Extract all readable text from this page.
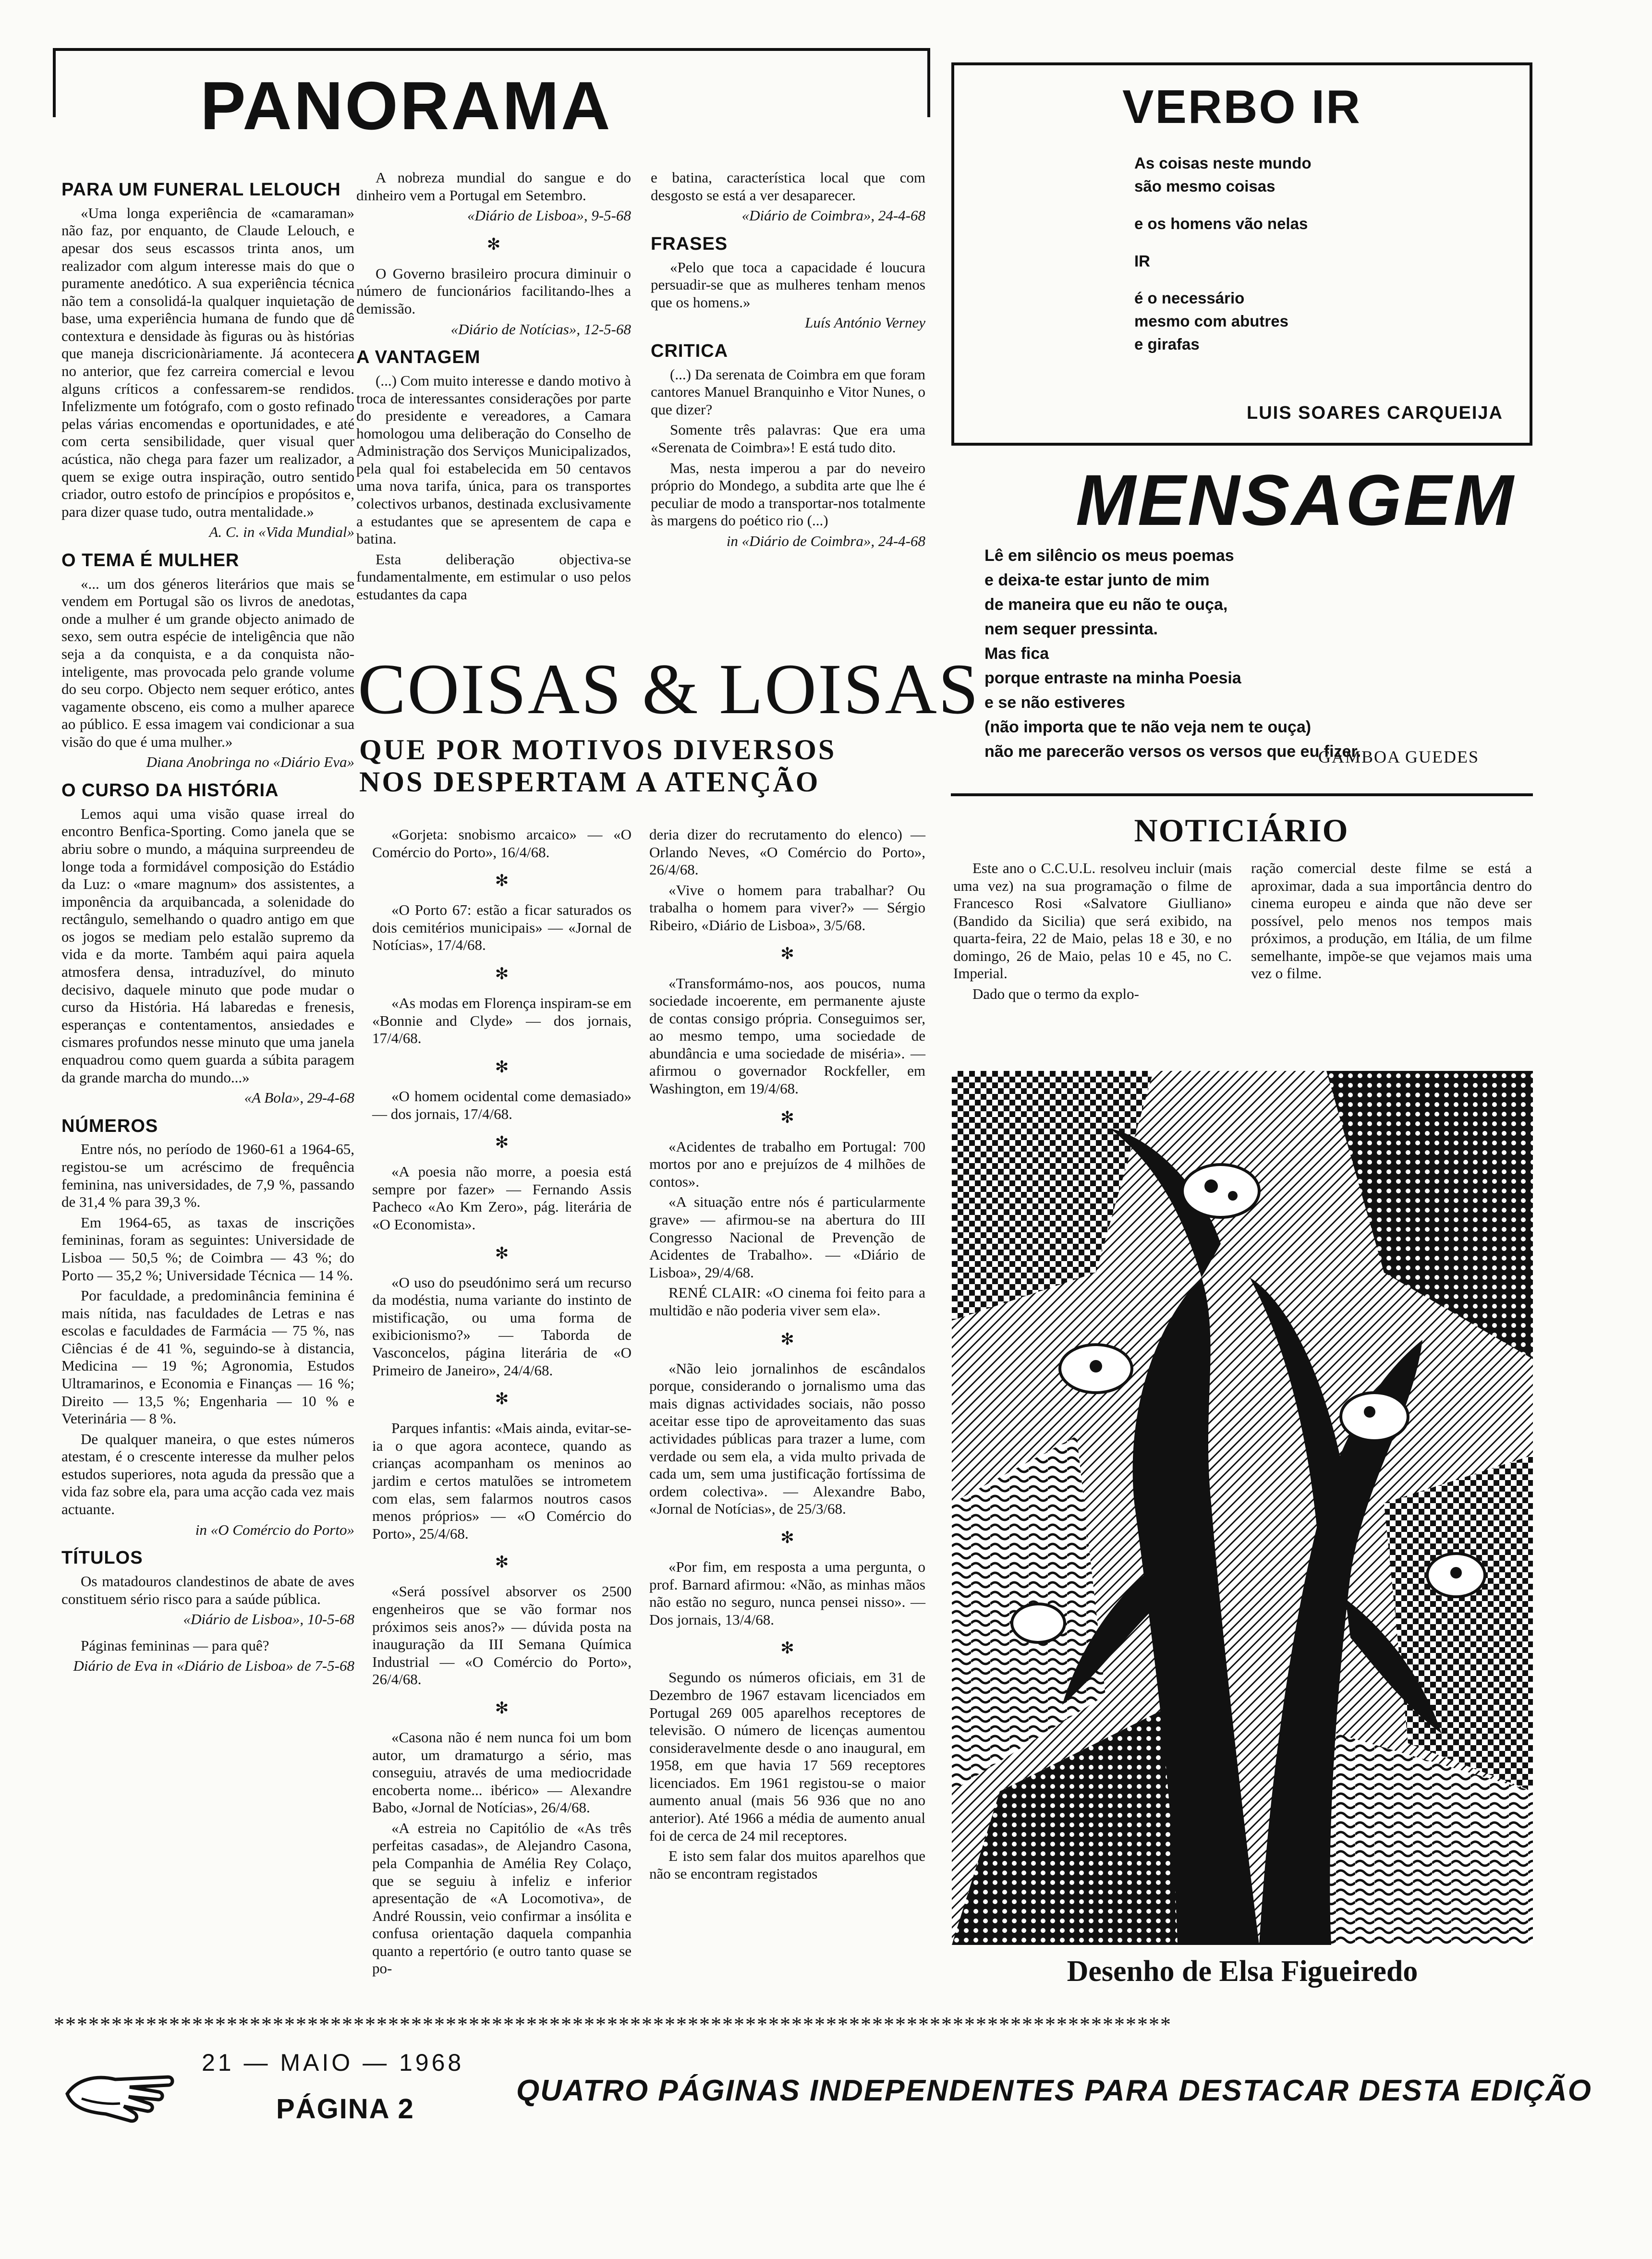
PANORAMA
PARA UM FUNERAL LELOUCH

«Uma longa experiência de «camaraman» não faz, por enquanto, de Claude Lelouch, e apesar dos seus escassos trinta anos, um realizador com algum interesse mais do que o puramente anedótico. A sua experiência técnica não tem a consolidá-la qualquer inquietação de base, uma experiência humana de fundo que dê contextura e densidade às figuras ou às histórias que maneja discricionàriamente. Já acontecera no anterior, que fez carreira comercial e levou alguns críticos a confessarem-se rendidos. Infelizmente um fotógrafo, com o gosto refinado pelas várias encomendas e oportunidades, e até com certa sensibilidade, quer visual quer acústica, não chega para fazer um realizador, a quem se exige outra inspiração, outro sentido criador, outro estofo de princípios e propósitos e, para dizer quase tudo, outra mentalidade.»

A. C. in «Vida Mundial»

O TEMA É MULHER

«... um dos géneros literários que mais se vendem em Portugal são os livros de anedotas, onde a mulher é um grande objecto animado de sexo, sem outra espécie de inteligência que não seja a da conquista, e a da conquista não-inteligente, mas provocada pelo grande volume do seu corpo. Objecto nem sequer erótico, antes vagamente obsceno, eis como a mulher aparece ao público. E essa imagem vai condicionar a sua visão do que é uma mulher.»

Diana Anobringa no «Diário Eva»

O CURSO DA HISTÓRIA

Lemos aqui uma visão quase irreal do encontro Benfica-Sporting. Como janela que se abriu sobre o mundo, a máquina surpreendeu de longe toda a formidável composição do Estádio da Luz: o «mare magnum» dos assistentes, a imponência da arquibancada, a solenidade do rectângulo, semelhando o quadro antigo em que os jogos se mediam pelo estalão supremo da vida e da morte. Também aqui paira aquela atmosfera densa, intraduzível, do minuto decisivo, daquele minuto que pode mudar o curso da História. Há labaredas e frenesis, esperanças e contentamentos, ansiedades e cismares profundos nesse minuto que uma janela enquadrou como quem guarda a súbita paragem da grande marcha do mundo...»

«A Bola», 29-4-68

NÚMEROS

Entre nós, no período de 1960-61 a 1964-65, registou-se um acréscimo de frequência feminina, nas universidades, de 7,9 %, passando de 31,4 % para 39,3 %.

Em 1964-65, as taxas de inscrições femininas, foram as seguintes: Universidade de Lisboa — 50,5 %; de Coimbra — 43 %; do Porto — 35,2 %; Universidade Técnica — 14 %.

Por faculdade, a predominância feminina é mais nítida, nas faculdades de Letras e nas escolas e faculdades de Farmácia — 75 %, nas Ciências é de 41 %, seguindo-se à distancia, Medicina — 19 %; Agronomia, Estudos Ultramarinos, e Economia e Finanças — 16 %; Direito — 13,5 %; Engenharia — 10 % e Veterinária — 8 %.

De qualquer maneira, o que estes números atestam, é o crescente interesse da mulher pelos estudos superiores, nota aguda da pressão que a vida faz sobre ela, para uma acção cada vez mais actuante.

in «O Comércio do Porto»

TÍTULOS

Os matadouros clandestinos de abate de aves constituem sério risco para a saúde pública.

«Diário de Lisboa», 10-5-68

Páginas femininas — para quê?

Diário de Eva in «Diário de Lisboa» de 7-5-68

A nobreza mundial do sangue e do dinheiro vem a Portugal em Setembro.

«Diário de Lisboa», 9-5-68

✻

O Governo brasileiro procura diminuir o número de funcionários facilitando-lhes a demissão.

«Diário de Notícias», 12-5-68

A VANTAGEM

(...) Com muito interesse e dando motivo à troca de interessantes considerações por parte do presidente e vereadores, a Camara homologou uma deliberação do Conselho de Administração dos Serviços Municipalizados, pela qual foi estabelecida em 50 centavos uma nova tarifa, única, para os transportes colectivos urbanos, destinada exclusivamente a estudantes que se apresentem de capa e batina.

Esta deliberação objectiva-se fundamentalmente, em estimular o uso pelos estudantes da capa

e batina, característica local que com desgosto se está a ver desaparecer.

«Diário de Coimbra», 24-4-68

FRASES

«Pelo que toca a capacidade é loucura persuadir-se que as mulheres tenham menos que os homens.»

Luís António Verney

CRITICA

(...) Da serenata de Coimbra em que foram cantores Manuel Branquinho e Vitor Nunes, o que dizer?

Somente três palavras: Que era uma «Serenata de Coimbra»! E está tudo dito.

Mas, nesta imperou a par do neveiro próprio do Mondego, a subdita arte que lhe é peculiar de modo a transportar-nos totalmente às margens do poético rio (...)

in «Diário de Coimbra», 24-4-68

VERBO IR
As coisas neste mundo
são mesmo coisas
e os homens vão nelas
IR
é o necessário
mesmo com abutres
e girafas
LUIS SOARES CARQUEIJA
MENSAGEM
Lê em silêncio os meus poemas
e deixa-te estar junto de mim
de maneira que eu não te ouça,
nem sequer pressinta.
Mas fica
porque entraste na minha Poesia
e se não estiveres
(não importa que te não veja nem te ouça)
não me parecerão versos os versos que eu fizer.
GAMBOA GUEDES
COISAS & LOISAS
QUE POR MOTIVOS DIVERSOS
NOS DESPERTAM A ATENÇÃO

«Gorjeta: snobismo arcaico» — «O Comércio do Porto», 16/4/68.

✻

«O Porto 67: estão a ficar saturados os dois cemitérios municipais» — «Jornal de Notícias», 17/4/68.

✻

«As modas em Florença inspiram-se em «Bonnie and Clyde» — dos jornais, 17/4/68.

✻

«O homem ocidental come demasiado» — dos jornais, 17/4/68.

✻

«A poesia não morre, a poesia está sempre por fazer» — Fernando Assis Pacheco «Ao Km Zero», pág. literária de «O Economista».

✻

«O uso do pseudónimo será um recurso da modéstia, numa variante do instinto de mistificação, ou uma forma de exibicionismo?» — Taborda de Vasconcelos, página literária de «O Primeiro de Janeiro», 24/4/68.

✻

Parques infantis: «Mais ainda, evitar-se-ia o que agora acontece, quando as crianças acompanham os meninos ao jardim e certos matulões se intrometem com elas, sem falarmos noutros casos menos próprios» — «O Comércio do Porto», 25/4/68.

✻

«Será possível absorver os 2500 engenheiros que se vão formar nos próximos seis anos?» — dúvida posta na inauguração da III Semana Química Industrial — «O Comércio do Porto», 26/4/68.

✻

«Casona não é nem nunca foi um bom autor, um dramaturgo a sério, mas conseguiu, através de uma mediocridade encoberta nome... ibérico» — Alexandre Babo, «Jornal de Notícias», 26/4/68.

«A estreia no Capitólio de «As três perfeitas casadas», de Alejandro Casona, pela Companhia de Amélia Rey Colaço, que se seguiu à infeliz e inferior apresentação de «A Locomotiva», de André Roussin, veio confirmar a insólita e confusa orientação daquela companhia quanto a repertório (e outro tanto quase se po-

deria dizer do recrutamento do elenco) — Orlando Neves, «O Comércio do Porto», 26/4/68.

«Vive o homem para trabalhar? Ou trabalha o homem para viver?» — Sérgio Ribeiro, «Diário de Lisboa», 3/5/68.

✻

«Transformámo-nos, aos poucos, numa sociedade incoerente, em permanente ajuste de contas consigo própria. Conseguimos ser, ao mesmo tempo, uma sociedade de abundância e uma sociedade de miséria». — afirmou o governador Rockfeller, em Washington, em 19/4/68.

✻

«Acidentes de trabalho em Portugal: 700 mortos por ano e prejuízos de 4 milhões de contos».

«A situação entre nós é particularmente grave» — afirmou-se na abertura do III Congresso Nacional de Prevenção de Acidentes de Trabalho». — «Diário de Lisboa», 29/4/68.

RENÉ CLAIR: «O cinema foi feito para a multidão e não poderia viver sem ela».

✻

«Não leio jornalinhos de escândalos porque, considerando o jornalismo uma das mais dignas actividades sociais, não posso aceitar esse tipo de aproveitamento das suas actividades públicas para trazer a lume, com verdade ou sem ela, a vida multo privada de cada um, sem uma justificação fortíssima de ordem colectiva». — Alexandre Babo, «Jornal de Notícias», de 25/3/68.

✻

«Por fim, em resposta a uma pergunta, o prof. Barnard afirmou: «Não, as minhas mãos não estão no seguro, nunca pensei nisso». — Dos jornais, 13/4/68.

✻

Segundo os números oficiais, em 31 de Dezembro de 1967 estavam licenciados em Portugal 269 005 aparelhos receptores de televisão. O número de licenças aumentou consideravelmente desde o ano inaugural, em 1958, em que havia 17 569 receptores licenciados. Em 1961 registou-se o maior aumento anual (mais 56 936 que no ano anterior). Até 1966 a média de aumento anual foi de cerca de 24 mil receptores.

E isto sem falar dos muitos aparelhos que não se encontram registados

NOTICIÁRIO

Este ano o C.C.U.L. resolveu incluir (mais uma vez) na sua programação o filme de Francesco Rosi «Salvatore Giulliano» (Bandido da Sicilia) que será exibido, na quarta-feira, 22 de Maio, pelas 18 e 30, e no domingo, 26 de Maio, pelas 10 e 45, no C. Imperial.

Dado que o termo da explo-

ração comercial deste filme se está a aproximar, dada a sua importância dentro do cinema europeu e ainda que não deve ser possível, pelo menos nos tempos mais próximos, a produção, em Itália, de um filme semelhante, impõe-se que vejamos mais uma vez o filme.

Desenho de Elsa Figueiredo
*************************************************************************************************
21 — MAIO — 1968
PÁGINA 2
QUATRO PÁGINAS INDEPENDENTES PARA DESTACAR DESTA EDIÇÃO
